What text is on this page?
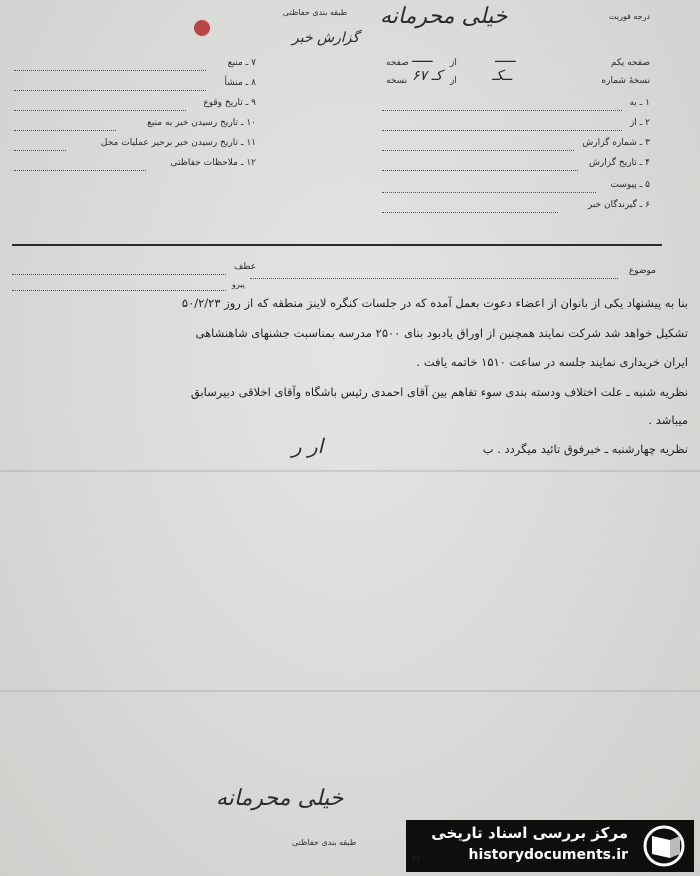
طبقه بندی حفاظتی	خیلی محرمانه
گزارش خبر
درجه فوریت
صفحه یکم
ـــــ
از
ـــــ
صفحه
نسخهٔ شماره
ــکـ
از
کـ ۶۷
نسخه
۱ ـ به
۲ ـ از
۳ ـ شماره گزارش
۴ ـ تاریخ گزارش
۵ ـ پیوست
۶ ـ گیرندگان خبر
۷ ـ منبع
۸ ـ منشأ
۹ ـ تاریخ وقوع
۱۰ ـ تاریخ رسیدن خبر به منبع
۱۱ ـ تاریخ رسیدن خبر برحیر عملیات محل
۱۲ ـ ملاحظات حفاظتی
موضوع
عطف
پیرو
بنا به پیشنهاد یکی از بانوان از اعضاء دعوت بعمل آمده که در جلسات کنگره لاینز منطقه که از روز ۵۰/۲/۲۳
تشکیل خواهد شد شرکت نمایند همچنین از اوراق یادبود بنای ۲۵۰۰ مدرسه بمناسبت جشنهای شاهنشاهی
ایران خریداری نمایند جلسه در ساعت ۱۵۱۰ خاتمه یافت .
نظریه شنبه ـ علت اختلاف ودسته بندی سوء تفاهم بین آقای احمدی رئیس باشگاه وآقای اخلاقی دبیرسابق
میباشد .
نظریه چهارشنبه ـ خبرفوق تائید میگردد . ب
ار ر
خیلی محرمانه
طبقه بندی حفاظتی
مرکز بررسی اسناد تاریخی
historydocuments.ir
۴۶
